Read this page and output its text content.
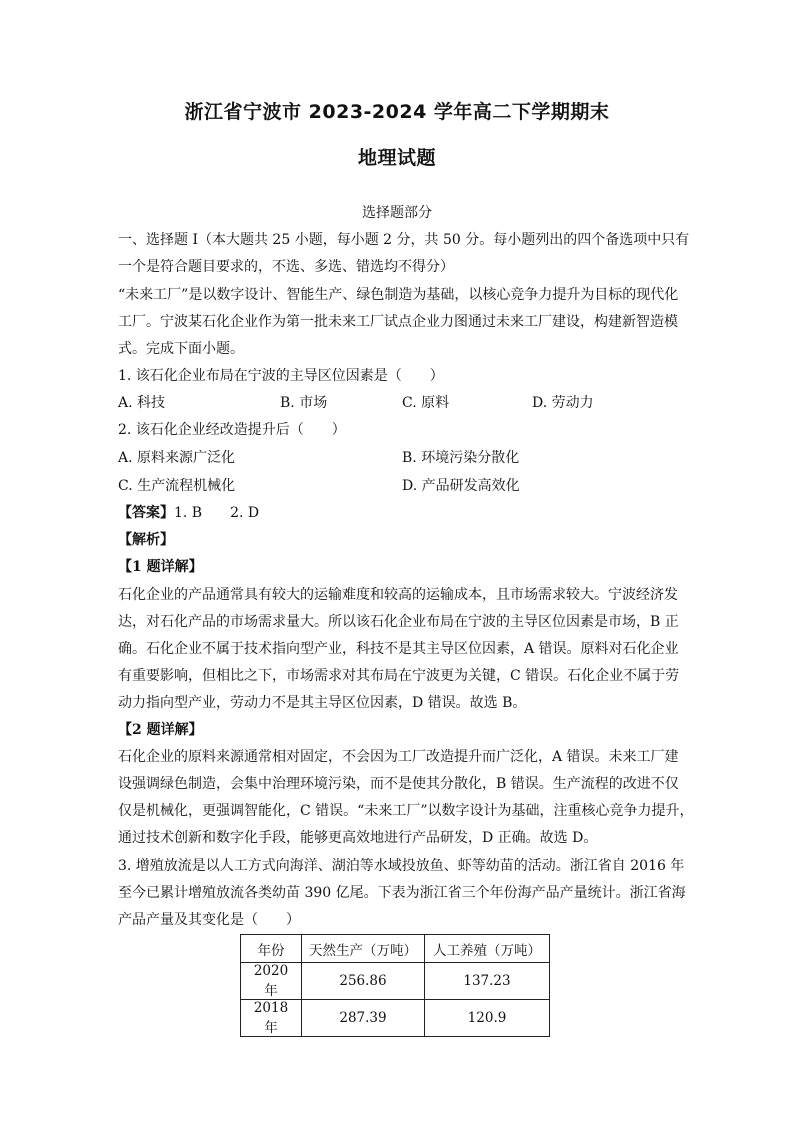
浙江省宁波市 2023-2024 学年高二下学期期末
地理试题
选择题部分
一、选择题 I（本大题共 25 小题，每小题 2 分，共 50 分。每小题列出的四个备选项中只有
一个是符合题目要求的，不选、多选、错选均不得分）
“未来工厂”是以数字设计、智能生产、绿色制造为基础，以核心竞争力提升为目标的现代化
工厂。宁波某石化企业作为第一批未来工厂试点企业力图通过未来工厂建设，构建新智造模
式。完成下面小题。
1. 该石化企业布局在宁波的主导区位因素是（　　）
A. 科技	B. 市场	C. 原料	D. 劳动力
2. 该石化企业经改造提升后（　　）
A. 原料来源广泛化	B. 环境污染分散化
C. 生产流程机械化	D. 产品研发高效化
【答案】1. B　　2. D
【解析】
【1 题详解】
石化企业的产品通常具有较大的运输难度和较高的运输成本，且市场需求较大。宁波经济发
达，对石化产品的市场需求量大。所以该石化企业布局在宁波的主导区位因素是市场，B 正
确。石化企业不属于技术指向型产业，科技不是其主导区位因素，A 错误。原料对石化企业
有重要影响，但相比之下，市场需求对其布局在宁波更为关键，C 错误。石化企业不属于劳
动力指向型产业，劳动力不是其主导区位因素，D 错误。故选 B。
【2 题详解】
石化企业的原料来源通常相对固定，不会因为工厂改造提升而广泛化，A 错误。未来工厂建
设强调绿色制造，会集中治理环境污染，而不是使其分散化，B 错误。生产流程的改进不仅
仅是机械化，更强调智能化，C 错误。“未来工厂”以数字设计为基础，注重核心竞争力提升，
通过技术创新和数字化手段，能够更高效地进行产品研发，D 正确。故选 D。
3. 增殖放流是以人工方式向海洋、湖泊等水域投放鱼、虾等幼苗的活动。浙江省自 2016 年
至今已累计增殖放流各类幼苗 390 亿尾。下表为浙江省三个年份海产品产量统计。浙江省海
产品产量及其变化是（　　）
年份	天然生产（万吨）	人工养殖（万吨）
2020 年	256.86	137.23
2018 年	287.39	120.9
